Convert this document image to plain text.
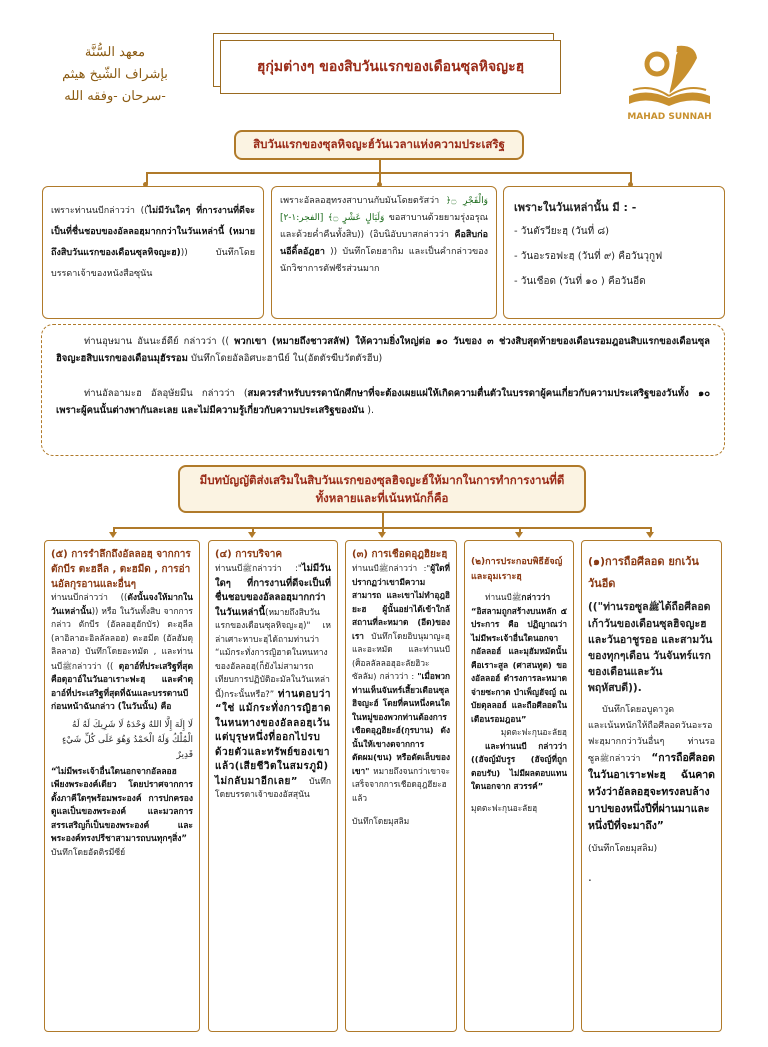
معهد السُّنَّة
بإشراف الشّيخ هيثم
سرحان -وفقه الله-
ฮุกุ่มต่างๆ ของสิบวันแรกของเดือนซุลหิจญะฮฺ
MAHAD SUNNAH
สิบวันแรกของซุลหิจญะฮ์วันเวลาแห่งความประเสริฐ
เพราะท่านนบีกล่าวว่า ((ไม่มีวันใดๆ ที่การงานที่ดีจะเป็นที่ชื่นชอบของอัลลอฮฺมากกว่าในวันเหล่านี้ (หมายถึงสิบวันแรกของเดือนซุลหิจญะฮ))) บันทึกโดยบรรดาเจ้าของหนังสือซุนัน
เพราะอัลลอฮฺทรงสาบานกับมันโดยตรัสว่า ﴿وَالْفَجْرِ ۝ وَلَيَالٍ عَشْرٍ ۝﴾ [الفجر:١-٢] ขอสาบานด้วยยามรุ่งอรุณ และด้วยค่ำคืนทั้งสิบ)) (อิบนิอับบาสกล่าวว่า คือสิบก่อนอีดิ้ลอัฎฮา )) บันทึกโดยฮากิม และเป็นคำกล่าวของนักวิชาการตัฟซีรส่วนมาก
เพราะในวันเหล่านั้น มี : -
- วันตัรวียะฮฺ (วันที่ ๘)
- วันอะรอฟะฮฺ (วันที่ ๙) คือวันวุกูฟ
- วันเชือด (วันที่ ๑๐ ) คือวันอีด
ท่านอุษมาน อันนะฮ์ดีย์ กล่าวว่า (( พวกเขา (หมายถึงชาวสลัฟ) ให้ความยิ่งใหญ่ต่อ ๑๐ วันของ ๓ ช่วงสิบสุดท้ายของเดือนรอมฎอนสิบแรกของเดือนซุลฮิจญะฮสิบแรกของเดือนมุฮัรรอม บันทึกโดยอัลอิศบะฮานีย์ ใน(อัตตัรฆีบวัตตัรฮีบ)
ท่านอัลอามะฮ อัลอุษัยมีน กล่าวว่า (สมควรสำหรับบรรดานักศึกษาที่จะต้องเผยแผ่ให้เกิดความตื่นตัวในบรรดาผู้คนเกี่ยวกับความประเสริฐของวันทั้ง ๑๐ เพราะผู้คนนั้นต่างพากันละเลย และไม่มีความรู้เกี่ยวกับความประเสริฐของมัน ).
มีบทบัญญัติส่งเสริมในสิบวันแรกของซุลฮิจญะฮ์ให้มากในการทำการงานที่ดี
ทั้งหลายและที่เน้นหนักก็คือ
(๕) การรำลึกถึงอัลลอฮฺ จากการตักบีร ตะฮลีล , ตะฮมีด , การอ่านอัลกุรอานและอื่นๆ
ท่านนบีกล่าวว่า ((ดังนั้นจงให้มากในวันเหล่านั้น)) หรือ ในวันทั้งสิบ จากการกล่าว ตักบีร (อัลลอฮุอักบัร) ตะฮฺลีล (ลาอิลาฮะอิลลัลลอฮ) ตะฮมีด (อัลฮัมดุลิลลาฮ) บันทึกโดยอะหมัด , และท่านนบีﷺกล่าวว่า (( ดุอาอ์ที่ประเสริฐที่สุดคือดุอาอ์ในวันอาเราะฟะฮฺ และคำดุอาอ์ที่ประเสริฐที่สุดที่ฉันและบรรดานบีก่อนหน้าฉันกล่าว (ในวันนั้น) คือ
لَا إِلَهَ إِلَّا اللهُ وَحْدَهُ لَا شَرِيكَ لَهُ لَهُ الْمُلْكُ وَلَهُ الْحَمْدُ وَهُوَ عَلَى كُلِّ شَيْءٍ قَدِيرٌ
“ไม่มีพระเจ้าอื่นใดนอกจากอัลลอฮเพียงพระองค์เดียว โดยปราศจากการตั้งภาคีใดๆพร้อมพระองค์ การปกครองดูแลเป็นของพระองค์ และมวลการสรรเสริญก็เป็นของพระองค์ และพระองค์ทรงปรีชาสามารถบนทุกๆสิ่ง”
บันทึกโดยอัตติรมีซีย์
(๔) การบริจาค
ท่านนบีﷺกล่าวว่า :"ไม่มีวันใดๆ ที่การงานที่ดีจะเป็นที่ชื่นชอบของอัลลอฮฺมากกว่าในวันเหล่านี้(หมายถึงสิบวันแรกของเดือนซุลหิจญะฮฺ)" เหล่าเศาะหาบะฮฺได้ถามท่านว่า “แม้กระทั่งการญิฮาดในหนทางของอัลลอฮฺ(ก็ยังไม่สามารถเทียบการปฏิบัติอะมัลในวันเหล่านี้)กระนั้นหรือ?” ท่านตอบว่า “ใช่ แม้กระทั่งการญิฮาดในหนทางของอัลลอฮฺเว้นแต่บุรุษหนึ่งที่ออกไปรบด้วยตัวและทรัพย์ของเขาแล้ว(เสียชีวิตในสมรภูมิ) ไม่กลับมาอีกเลย” บันทึกโดยบรรดาเจ้าของอัสสุนัน
(๓) การเชือดอุฎฮิยะฮฺ
ท่านนบีﷺกล่าวว่า :"ผู้ใดที่ปรากฏว่าเขามีความสามารถ และเขาไม่ทำอุฎฮิยะฮ ผู้นั้นอย่าได้เข้าใกล้สถานที่ละหมาด (อีด)ของเรา บันทึกโดยอิบนุมาญะฮฺและอะหมัด และท่านนบี (ศ็อลลัลลอฮุอะลัยฮิวะซัลลัม) กล่าวว่า : "เมื่อพวกท่านเห็นจันทร์เสี้ยวเดือนซุลฮิจญะฮ์ โดยที่คนหนึ่งคนใดในหมู่ของพวกท่านต้องการเชือดอุฎฮิยะฮ์(กุรบาน) ดังนั้นให้เขางดจากการตัดผม(ขน) หรือตัดเล็บของเขา" หมายถึงจนกว่าเขาจะเสร็จจากการเชือดอุฎฮียะฮแล้ว
บันทึกโดยมุสลิม
(๒)การประกอบพิธีฮัจญ์และอุมเราะฮฺ
ท่านนบีﷺกล่าวว่า “อิสลามถูกสร้างบนหลัก ๕ ประการ คือ ปฏิญาณว่า ไม่มีพระเจ้าอื่นใดนอกจากอัลลอฮ์ และมุฮัมหมัดนั้นคือเราะสูล (ศาสนทูต) ของอัลลอฮ์ ดำรงการละหมาด จ่ายซะกาต บำเพ็ญฮัจญ์ ณ บัยตุลลอฮ์ และถือศีลอดในเดือนรอมฎอน”
มุตตะฟะกุนอะลัยฮฺ
และท่านนบี กล่าวว่า ((ฮัจญ์มับรูร (ฮัจญ์ที่ถูกตอบรับ) ไม่มีผลตอบแทนใดนอกจาก สวรรค์”
มุตตะฟะกุนอะลัยฮฺ
(๑)การถือศีลอด ยกเว้น
วันอีด
(("ท่านรอซูลﷺได้ถือศีลอดเก้าวันของเดือนซุลฮิจญะฮ และวันอาชูรออ และสามวันของทุกๆเดือน วันจันทร์แรกของเดือนและวันพฤหัสบดี)).
บันทึกโดยอบูดาวูด
และเน้นหนักให้ถือศีลอดวันอะรอฟะฮฺมากกว่าวันอื่นๆ ท่านรอซูลﷺกล่าวว่า “การถือศีลอดในวันอาเราะฟะฮฺ ฉันคาดหวังว่าอัลลอฮฺจะทรงลบล้างบาปของหนึ่งปีที่ผ่านมาและหนึ่งปีที่จะมาถึง”
(บันทึกโดยมุสลิม)
.
